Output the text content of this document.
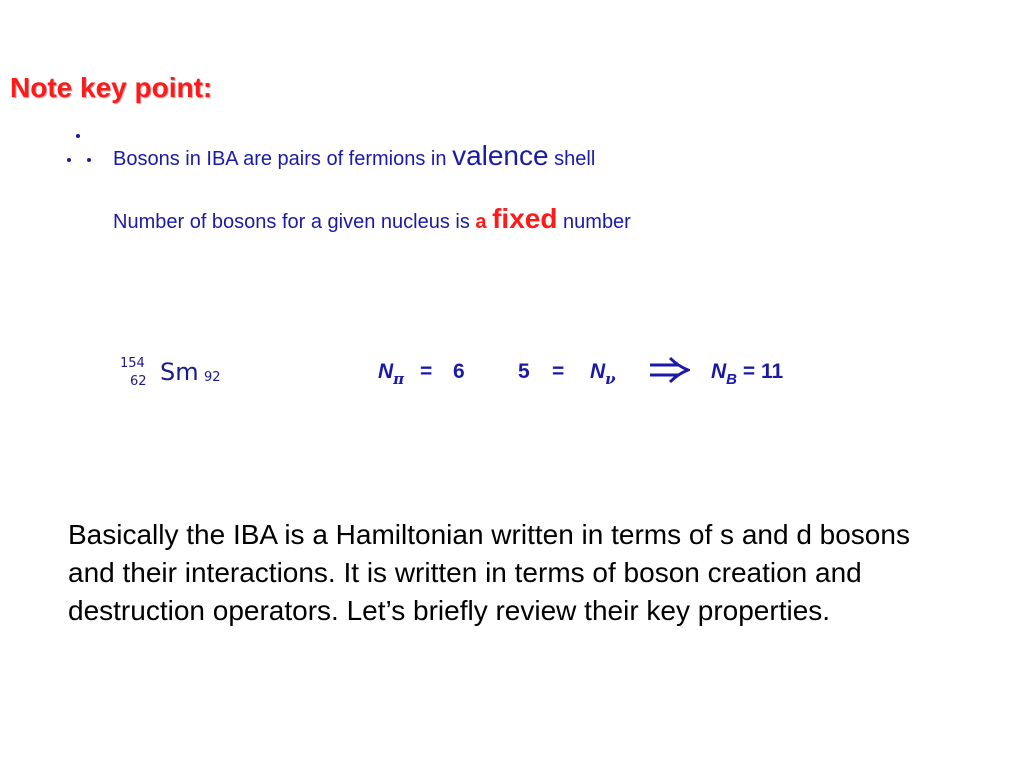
Note key point:
Bosons in IBA are pairs of fermions in valence shell
Number of bosons for a given nucleus is a fixed number
154
62 Sm 92	$N_\pi = 6$	$5 = N_\nu$	$N_B = 11$
Basically the IBA is a Hamiltonian written in terms of s and d bosons and their interactions. It is written in terms of boson creation and destruction operators. Let’s briefly review their key properties.
